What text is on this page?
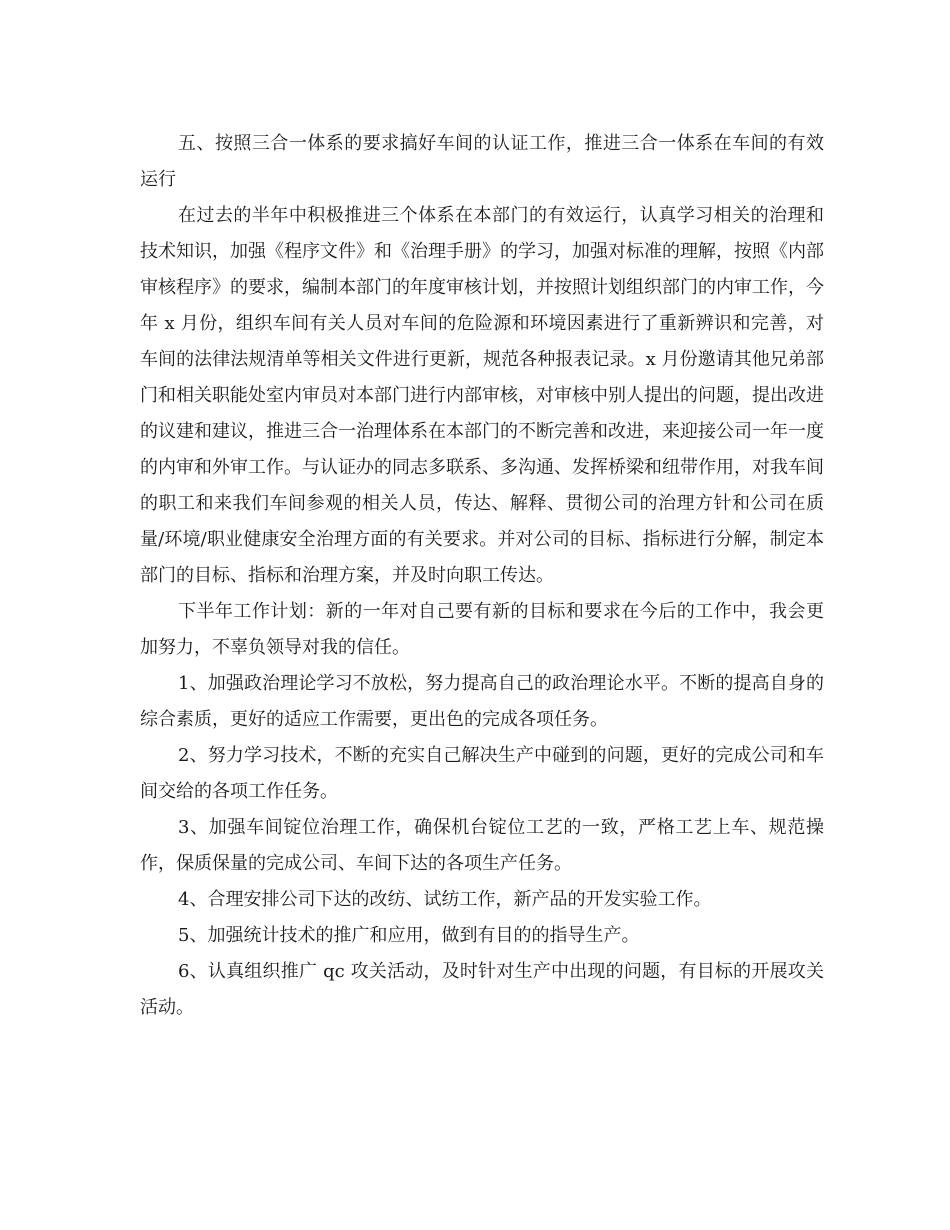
五、按照三合一体系的要求搞好车间的认证工作，推进三合一体系在车间的有效运行

在过去的半年中积极推进三个体系在本部门的有效运行，认真学习相关的治理和技术知识，加强《程序文件》和《治理手册》的学习，加强对标准的理解，按照《内部审核程序》的要求，编制本部门的年度审核计划，并按照计划组织部门的内审工作，今年 x 月份，组织车间有关人员对车间的危险源和环境因素进行了重新辨识和完善，对车间的法律法规清单等相关文件进行更新，规范各种报表记录。x 月份邀请其他兄弟部门和相关职能处室内审员对本部门进行内部审核，对审核中别人提出的问题，提出改进的议建和建议，推进三合一治理体系在本部门的不断完善和改进，来迎接公司一年一度的内审和外审工作。与认证办的同志多联系、多沟通、发挥桥梁和纽带作用，对我车间的职工和来我们车间参观的相关人员，传达、解释、贯彻公司的治理方针和公司在质量/环境/职业健康安全治理方面的有关要求。并对公司的目标、指标进行分解，制定本部门的目标、指标和治理方案，并及时向职工传达。

下半年工作计划：新的一年对自己要有新的目标和要求在今后的工作中，我会更加努力，不辜负领导对我的信任。

1、加强政治理论学习不放松，努力提高自己的政治理论水平。不断的提高自身的综合素质，更好的适应工作需要，更出色的完成各项任务。

2、努力学习技术，不断的充实自己解决生产中碰到的问题，更好的完成公司和车间交给的各项工作任务。

3、加强车间锭位治理工作，确保机台锭位工艺的一致，严格工艺上车、规范操作，保质保量的完成公司、车间下达的各项生产任务。

4、合理安排公司下达的改纺、试纺工作，新产品的开发实验工作。

5、加强统计技术的推广和应用，做到有目的的指导生产。

6、认真组织推广 qc 攻关活动，及时针对生产中出现的问题，有目标的开展攻关活动。
